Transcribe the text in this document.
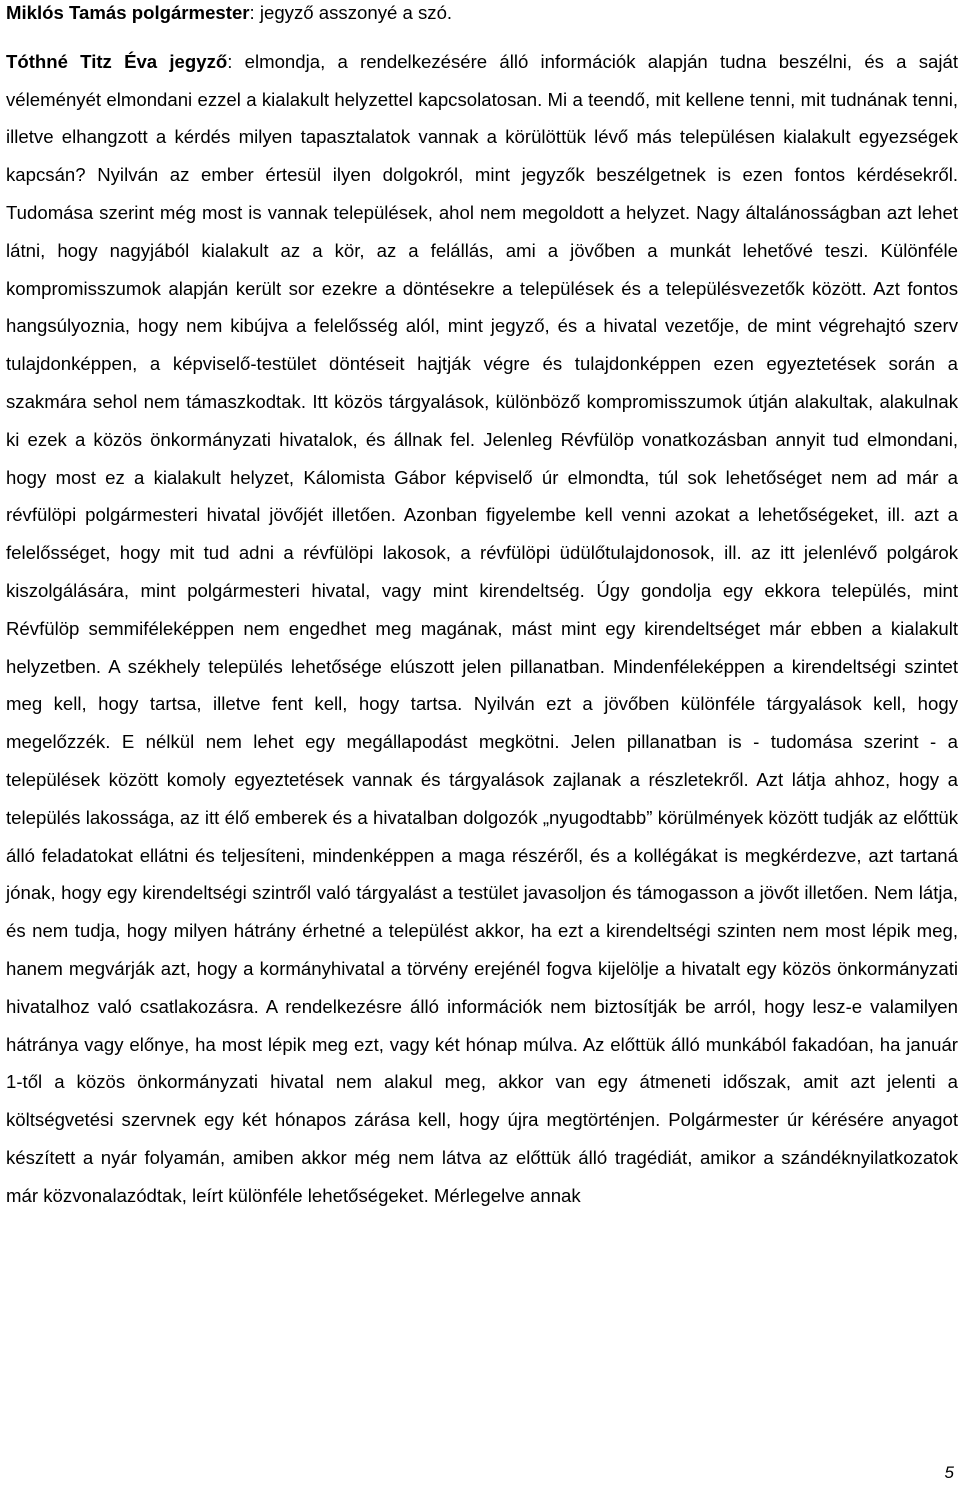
Miklós Tamás polgármester: jegyző asszonyé a szó.

Tóthné Titz Éva jegyző: elmondja, a rendelkezésére álló információk alapján tudna beszélni, és a saját véleményét elmondani ezzel a kialakult helyzettel kapcsolatosan. Mi a teendő, mit kellene tenni, mit tudnának tenni, illetve elhangzott a kérdés milyen tapasztalatok vannak a körülöttük lévő más településen kialakult egyezségek kapcsán? Nyilván az ember értesül ilyen dolgokról, mint jegyzők beszélgetnek is ezen fontos kérdésekről. Tudomása szerint még most is vannak települések, ahol nem megoldott a helyzet. Nagy általánosságban azt lehet látni, hogy nagyjából kialakult az a kör, az a felállás, ami a jövőben a munkát lehetővé teszi. Különféle kompromisszumok alapján került sor ezekre a döntésekre a települések és a településvezetők között. Azt fontos hangsúlyoznia, hogy nem kibújva a felelősség alól, mint jegyző, és a hivatal vezetője, de mint végrehajtó szerv tulajdonképpen, a képviselő-testület döntéseit hajtják végre és tulajdonképpen ezen egyeztetések során a szakmára sehol nem támaszkodtak. Itt közös tárgyalások, különböző kompromisszumok útján alakultak, alakulnak ki ezek a közös önkormányzati hivatalok, és állnak fel. Jelenleg Révfülöp vonatkozásban annyit tud elmondani, hogy most ez a kialakult helyzet, Kálomista Gábor képviselő úr elmondta, túl sok lehetőséget nem ad már a révfülöpi polgármesteri hivatal jövőjét illetően. Azonban figyelembe kell venni azokat a lehetőségeket, ill. azt a felelősséget, hogy mit tud adni a révfülöpi lakosok, a révfülöpi üdülőtulajdonosok, ill. az itt jelenlévő polgárok kiszolgálására, mint polgármesteri hivatal, vagy mint kirendeltség. Úgy gondolja egy ekkora település, mint Révfülöp semmiféleképpen nem engedhet meg magának, mást mint egy kirendeltséget már ebben a kialakult helyzetben. A székhely település lehetősége elúszott jelen pillanatban. Mindenféleképpen a kirendeltségi szintet meg kell, hogy tartsa, illetve fent kell, hogy tartsa. Nyilván ezt a jövőben különféle tárgyalások kell, hogy megelőzzék. E nélkül nem lehet egy megállapodást megkötni. Jelen pillanatban is - tudomása szerint - a települések között komoly egyeztetések vannak és tárgyalások zajlanak a részletekről. Azt látja ahhoz, hogy a település lakossága, az itt élő emberek és a hivatalban dolgozók „nyugodtabb” körülmények között tudják az előttük álló feladatokat ellátni és teljesíteni, mindenképpen a maga részéről, és a kollégákat is megkérdezve, azt tartaná jónak, hogy egy kirendeltségi szintről való tárgyalást a testület javasoljon és támogasson a jövőt illetően. Nem látja, és nem tudja, hogy milyen hátrány érhetné a települést akkor, ha ezt a kirendeltségi szinten nem most lépik meg, hanem megvárják azt, hogy a kormányhivatal a törvény erejénél fogva kijelölje a hivatalt egy közös önkormányzati hivatalhoz való csatlakozásra. A rendelkezésre álló információk nem biztosítják be arról, hogy lesz-e valamilyen hátránya vagy előnye, ha most lépik meg ezt, vagy két hónap múlva. Az előttük álló munkából fakadóan, ha január 1-től a közös önkormányzati hivatal nem alakul meg, akkor van egy átmeneti időszak, amit azt jelenti a költségvetési szervnek egy két hónapos zárása kell, hogy újra megtörténjen. Polgármester úr kérésére anyagot készített a nyár folyamán, amiben akkor még nem látva az előttük álló tragédiát, amikor a szándéknyilatkozatok már közvonalazódtak, leírt különféle lehetőségeket. Mérlegelve annak

5
